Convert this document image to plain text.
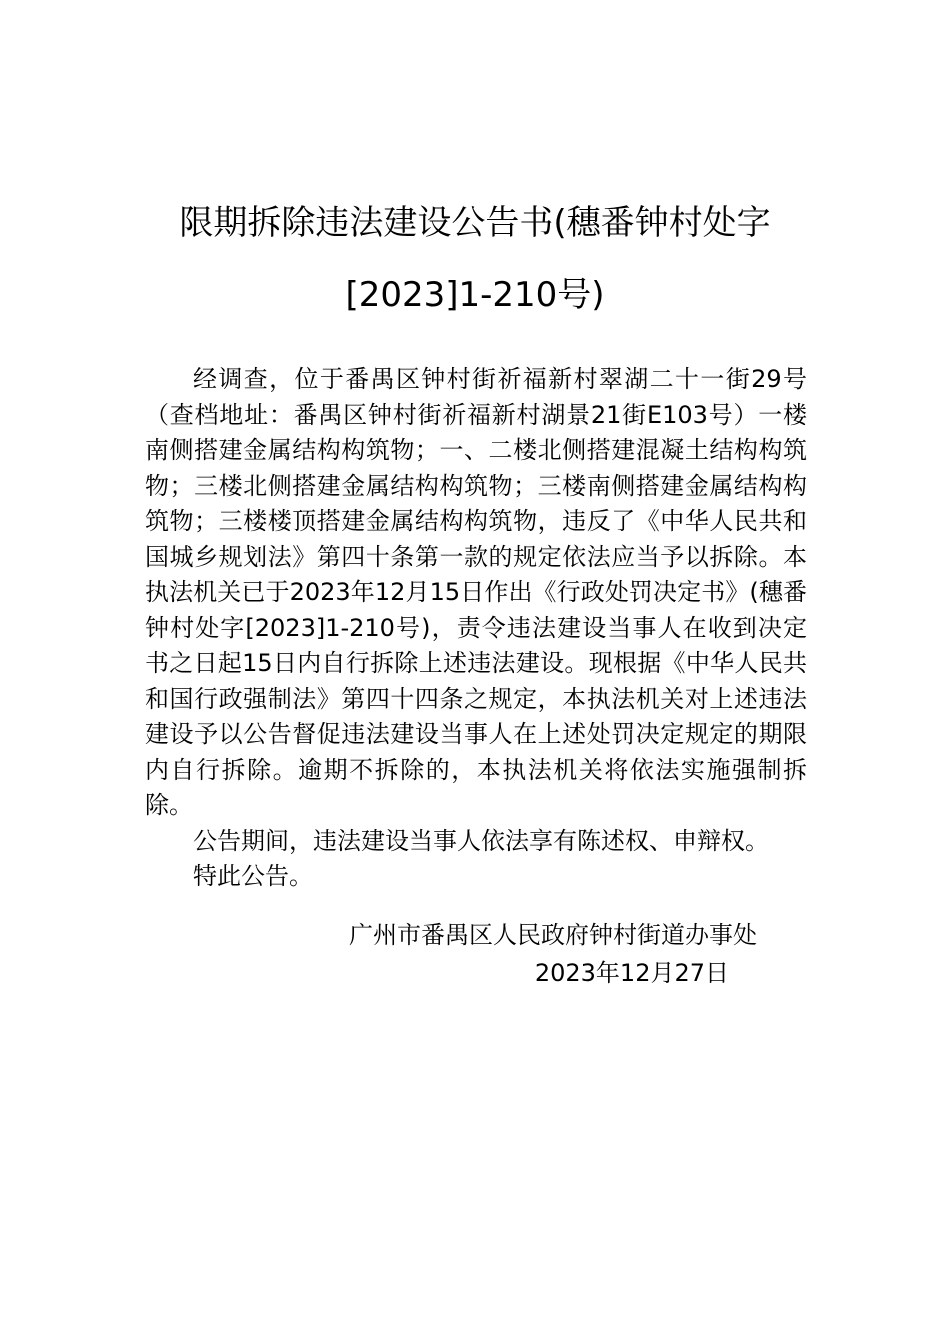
限期拆除违法建设公告书(穗番钟村处字
[2023]1-210号)

经调查，位于番禺区钟村街祈福新村翠湖二十一街29号（查档地址：番禺区钟村街祈福新村湖景21街E103号）一楼南侧搭建金属结构构筑物；一、二楼北侧搭建混凝土结构构筑物；三楼北侧搭建金属结构构筑物；三楼南侧搭建金属结构构筑物；三楼楼顶搭建金属结构构筑物，违反了《中华人民共和国城乡规划法》第四十条第一款的规定依法应当予以拆除。本执法机关已于2023年12月15日作出《行政处罚决定书》(穗番钟村处字[2023]1-210号)，责令违法建设当事人在收到决定书之日起15日内自行拆除上述违法建设。现根据《中华人民共和国行政强制法》第四十四条之规定，本执法机关对上述违法建设予以公告督促违法建设当事人在上述处罚决定规定的期限内自行拆除。逾期不拆除的，本执法机关将依法实施强制拆除。

公告期间，违法建设当事人依法享有陈述权、申辩权。

特此公告。

广州市番禺区人民政府钟村街道办事处
2023年12月27日
